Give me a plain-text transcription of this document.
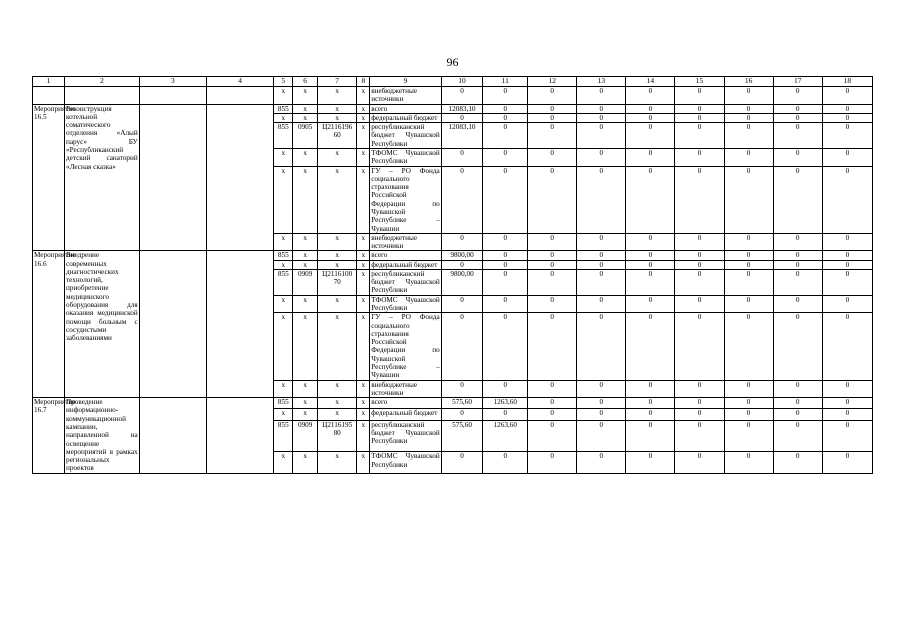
96
1	2	3	4	5	6	7	8	9	10	11	12	13	14	15	16	17	18
				x	x	x	x	внебюджетные источники	0	0	0	0	0	0	0	0	0
Мероприятие 16.5	Реконструкция котельной соматического отделения «Алый парус» БУ «Республиканский детский санаторий «Лесная сказка»			855	x	x	x	всего	12083,10	0	0	0	0	0	0	0	0
				x	x	x	x	федеральный бюджет	0	0	0	0	0	0	0	0	0
				855	0905	Ц2116196 60	x	республиканский бюджет Чувашской Республики	12083,10	0	0	0	0	0	0	0	0
				x	x	x	x	ТФОМС Чувашской Республики	0	0	0	0	0	0	0	0	0
				x	x	x	x	ГУ – РО Фонда социального страхования Российской Федерации по Чувашской Республике – Чувашии	0	0	0	0	0	0	0	0	0
				x	x	x	x	внебюджетные источники	0	0	0	0	0	0	0	0	0
Мероприятие 16.6	Внедрение современных диагностических технологий, приобретение медицинского оборудования для оказания медицинской помощи больным с сосудистыми заболеваниями			855	x	x	x	всего	9800,00	0	0	0	0	0	0	0	0
				x	x	x	x	федеральный бюджет	0	0	0	0	0	0	0	0	0
				855	0909	Ц2116100 70	x	республиканский бюджет Чувашской Республики	9800,00	0	0	0	0	0	0	0	0
				x	x	x	x	ТФОМС Чувашской Республики	0	0	0	0	0	0	0	0	0
				x	x	x	x	ГУ – РО Фонда социального страхования Российской Федерации по Чувашской Республике – Чувашии	0	0	0	0	0	0	0	0	0
				x	x	x	x	внебюджетные источники	0	0	0	0	0	0	0	0	0
Мероприятие 16.7	Проведение информационно-коммуникационной кампании, направленной на освещение мероприятий в рамках региональных проектов			855	x	x	x	всего	575,60	1263,60	0	0	0	0	0	0	0
				x	x	x	x	федеральный бюджет	0	0	0	0	0	0	0	0	0
				855	0909	Ц2116195 80	x	республиканский бюджет Чувашской Республики	575,60	1263,60	0	0	0	0	0	0	0
				x	x	x	x	ТФОМС Чувашской Республики	0	0	0	0	0	0	0	0	0
